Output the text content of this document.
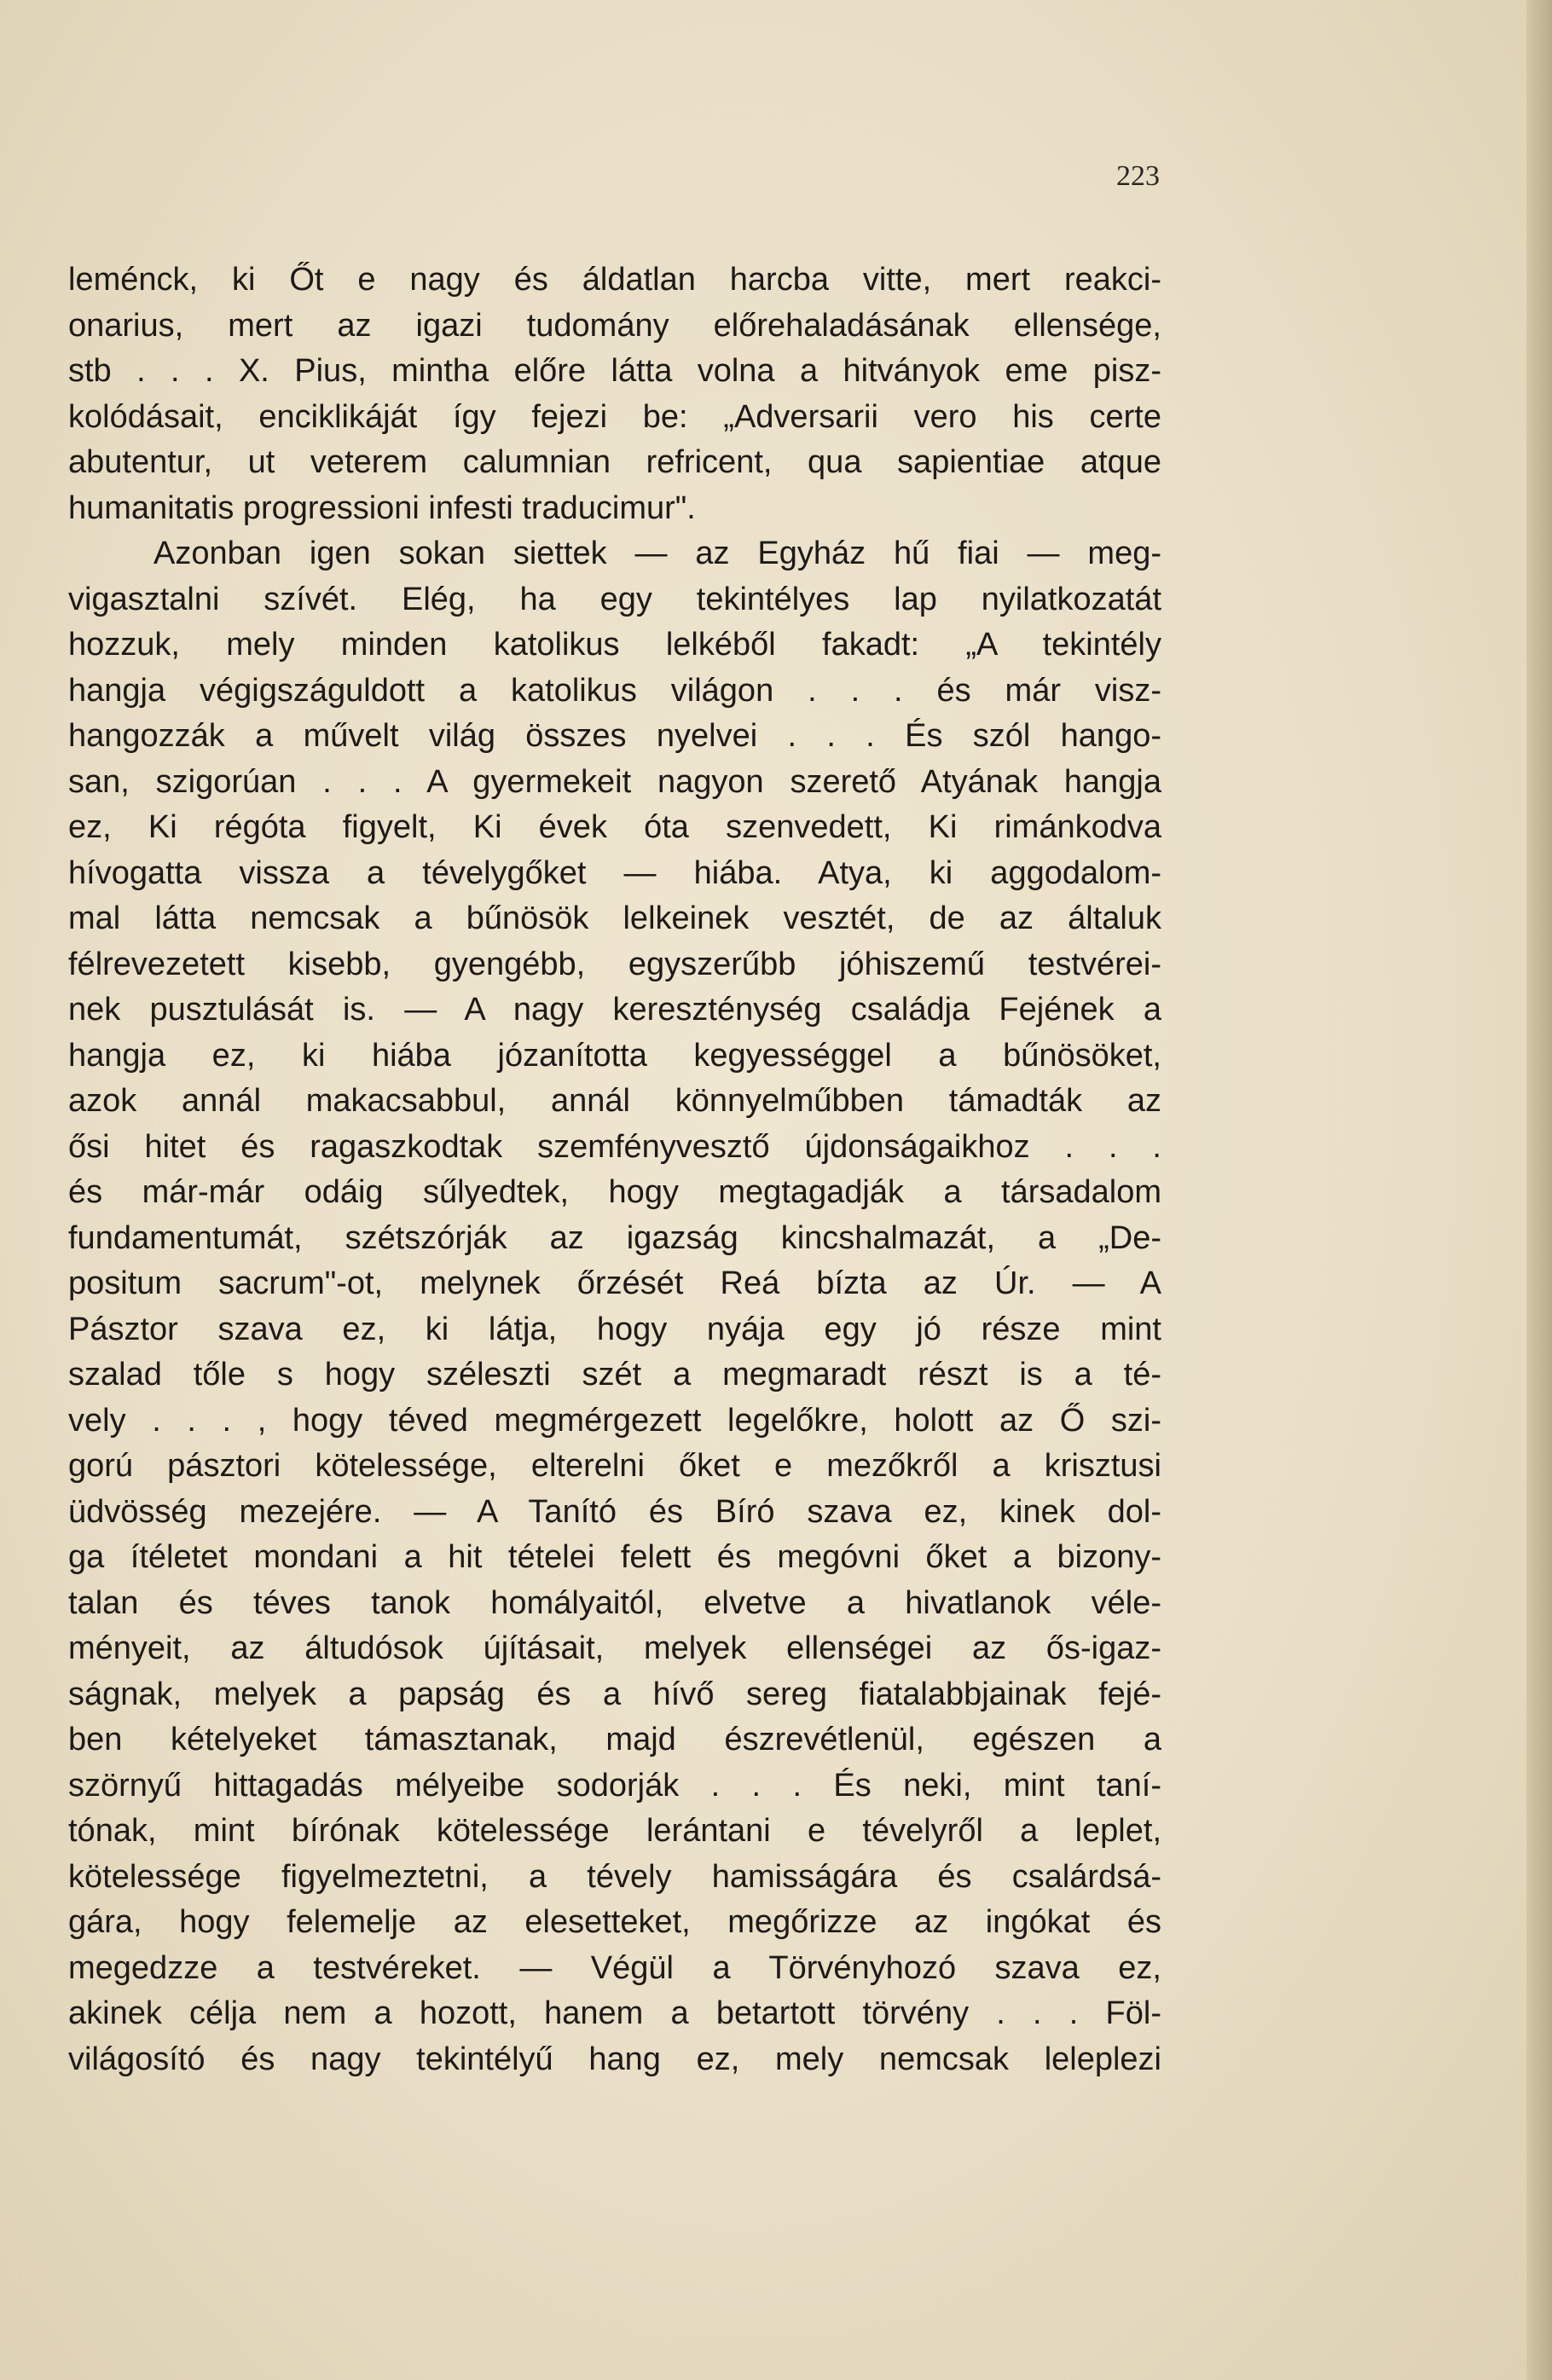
223
leménck, ki Őt e nagy és áldatlan harcba vitte, mert reakci-
onarius, mert az igazi tudomány előrehaladásának ellensége,
stb . . . X. Pius, mintha előre látta volna a hitványok eme pisz-
kolódásait, enciklikáját így fejezi be: „Adversarii vero his certe
abutentur, ut veterem calumnian refricent, qua sapientiae atque
humanitatis progressioni infesti traducimur".
Azonban igen sokan siettek — az Egyház hű fiai — meg-
vigasztalni szívét. Elég, ha egy tekintélyes lap nyilatkozatát
hozzuk, mely minden katolikus lelkéből fakadt: „A tekintély
hangja végigszáguldott a katolikus világon . . . és már visz-
hangozzák a művelt világ összes nyelvei . . . És szól hango-
san, szigorúan . . . A gyermekeit nagyon szerető Atyának hangja
ez, Ki régóta figyelt, Ki évek óta szenvedett, Ki rimánkodva
hívogatta vissza a tévelygőket — hiába. Atya, ki aggodalom-
mal látta nemcsak a bűnösök lelkeinek vesztét, de az általuk
félrevezetett kisebb, gyengébb, egyszerűbb jóhiszemű testvérei-
nek pusztulását is. — A nagy kereszténység családja Fejének a
hangja ez, ki hiába józanította kegyességgel a bűnösöket,
azok annál makacsabbul, annál könnyelműbben támadták az
ősi hitet és ragaszkodtak szemfényvesztő újdonságaikhoz . . .
és már-már odáig sűlyedtek, hogy megtagadják a társadalom
fundamentumát, szétszórják az igazság kincshalmazát, a „De-
positum sacrum"-ot, melynek őrzését Reá bízta az Úr. — A
Pásztor szava ez, ki látja, hogy nyája egy jó része mint
szalad tőle s hogy széleszti szét a megmaradt részt is a té-
vely . . . , hogy téved megmérgezett legelőkre, holott az Ő szi-
gorú pásztori kötelessége, elterelni őket e mezőkről a krisztusi
üdvösség mezejére. — A Tanító és Bíró szava ez, kinek dol-
ga ítéletet mondani a hit tételei felett és megóvni őket a bizony-
talan és téves tanok homályaitól, elvetve a hivatlanok véle-
ményeit, az áltudósok újításait, melyek ellenségei az ős-igaz-
ságnak, melyek a papság és a hívő sereg fiatalabbjainak fejé-
ben kételyeket támasztanak, majd észrevétlenül, egészen a
szörnyű hittagadás mélyeibe sodorják . . . És neki, mint taní-
tónak, mint bírónak kötelessége lerántani e tévelyről a leplet,
kötelessége figyelmeztetni, a tévely hamisságára és csalárdsá-
gára, hogy felemelje az elesetteket, megőrizze az ingókat és
megedzze a testvéreket. — Végül a Törvényhozó szava ez,
akinek célja nem a hozott, hanem a betartott törvény . . . Föl-
világosító és nagy tekintélyű hang ez, mely nemcsak leleplezi
